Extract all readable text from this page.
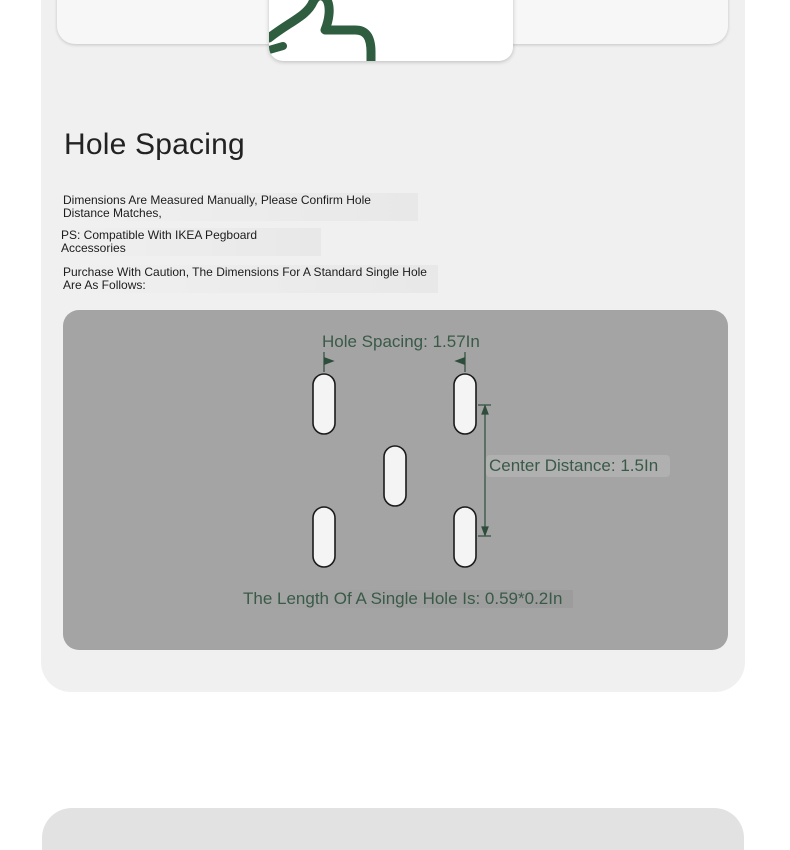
Hole Spacing
Dimensions Are Measured Manually, Please Confirm Hole Distance Matches,
PS: Compatible With IKEA Pegboard Accessories
Purchase With Caution, The Dimensions For A Standard Single Hole Are As Follows:
Hole Spacing: 1.57In
Center Distance: 1.5In
The Length Of A Single Hole Is: 0.59*0.2In
